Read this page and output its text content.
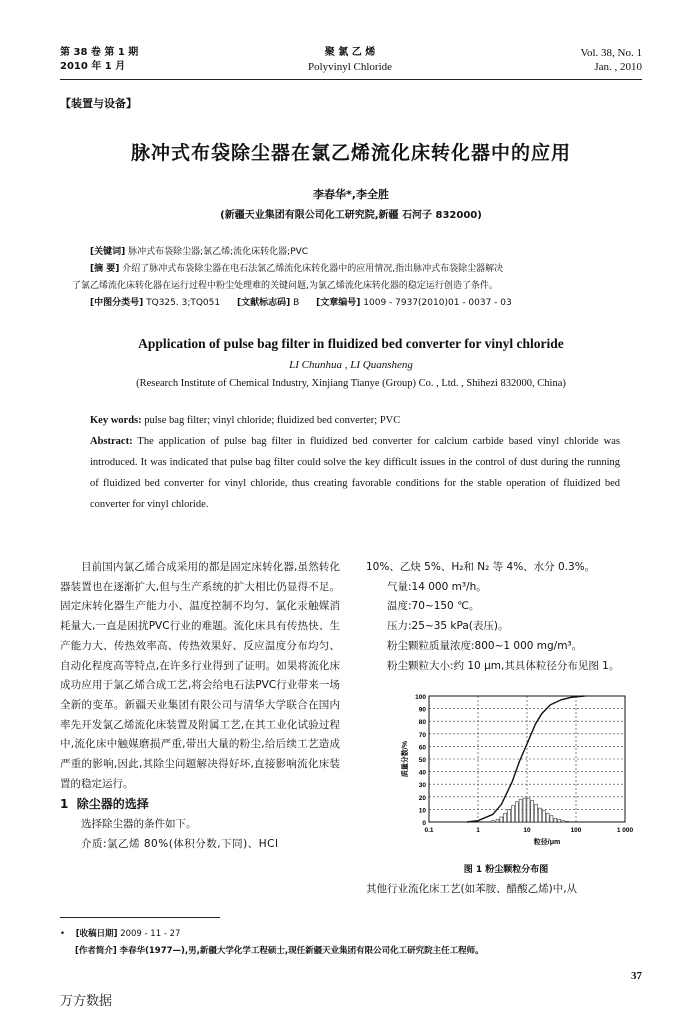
第 38 卷 第 1 期
2010 年 1 月
聚 氯 乙 烯
Polyvinyl Chloride
Vol. 38, No. 1
Jan. , 2010
【装置与设备】
脉冲式布袋除尘器在氯乙烯流化床转化器中的应用
李春华*,李全胜
(新疆天业集团有限公司化工研究院,新疆 石河子 832000)
[关键词] 脉冲式布袋除尘器;氯乙烯;流化床转化器;PVC
[摘 要] 介绍了脉冲式布袋除尘器在电石法氯乙烯流化床转化器中的应用情况,指出脉冲式布袋除尘器解决
了氯乙烯流化床转化器在运行过程中粉尘处理难的关键问题,为氯乙烯流化床转化器的稳定运行创造了条件。
[中图分类号] TQ325. 3;TQ051 [文献标志码] B [文章编号] 1009 - 7937(2010)01 - 0037 - 03
Application of pulse bag filter in fluidized bed converter for vinyl chloride
LI Chunhua , LI Quansheng
(Research Institute of Chemical Industry, Xinjiang Tianye (Group) Co. , Ltd. , Shihezi 832000, China)

Key words: pulse bag filter; vinyl chloride; fluidized bed converter; PVC

Abstract: The application of pulse bag filter in fluidized bed converter for calcium carbide based vinyl chloride was introduced. It was indicated that pulse bag filter could solve the key difficult issues in the control of dust during the running of fluidized bed converter for vinyl chloride, thus creating favorable conditions for the stable operation of fluidized bed converter for vinyl chloride.

目前国内氯乙烯合成采用的都是固定床转化器,虽然转化器装置也在逐渐扩大,但与生产系统的扩大相比仍显得不足。固定床转化器生产能力小、温度控制不均匀、氯化汞触媒消耗量大,一直是困扰PVC行业的难题。流化床具有传热快、生产能力大、传热效率高、传热效果好、反应温度分布均匀、自动化程度高等特点,在许多行业得到了证明。如果将流化床成功应用于氯乙烯合成工艺,将会给电石法PVC行业带来一场全新的变革。新疆天业集团有限公司与清华大学联合在国内率先开发氯乙烯流化床装置及附属工艺,在其工业化试验过程中,流化床中触媒磨损严重,带出大量的粉尘,给后续工艺造成严重的影响,因此,其除尘问题解决得好坏,直接影响流化床装置的稳定运行。

1 除尘器的选择

选择除尘器的条件如下。

介质:氯乙烯 80%(体积分数,下同)、HCl

10%、乙炔 5%、H₂和 N₂ 等 4%、水分 0.3%。

气量:14 000 m³/h。

温度:70~150 ℃。

压力:25~35 kPa(表压)。

粉尘颗粒质量浓度:800~1 000 mg/m³。

粉尘颗粒大小:约 10 μm,其具体粒径分布见图 1。

0
10
20
30
40
50
60
70
80
90
100
0.1	1	10	100	1 000
粒径/μm
质量分数/%
图 1 粉尘颗粒分布图
其他行业流化床工艺(如苯胺、醋酸乙烯)中,从
• [收稿日期] 2009 - 11 - 27
[作者简介] 李春华(1977—),男,新疆大学化学工程硕士,现任新疆天业集团有限公司化工研究院主任工程师。
37
万方数据
